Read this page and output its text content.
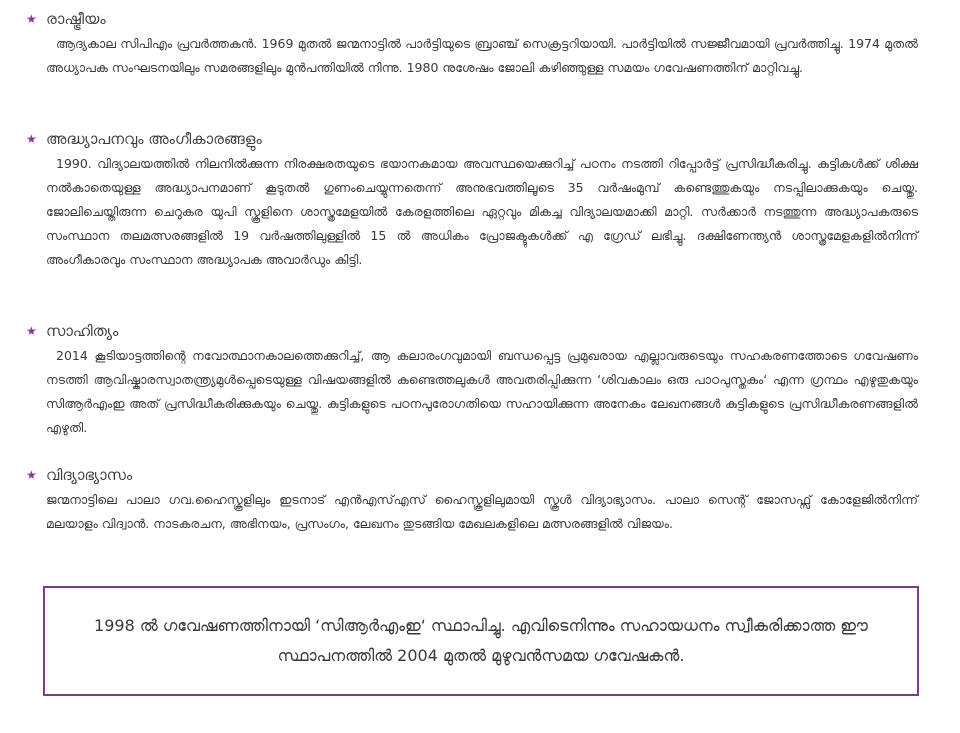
★ രാഷ്ട്രീയം

ആദ്യകാല സിപിഎം പ്രവർത്തകൻ. 1969 മുതൽ ജന്മനാട്ടിൽ പാർട്ടിയുടെ ബ്രാഞ്ച് സെക്രട്ടറിയായി. പാർട്ടിയിൽ സജ്ജീവമായി പ്രവർത്തിച്ചു. 1974 മുതൽ അധ്യാപക സംഘടനയിലും സമരങ്ങളിലും മുൻപന്തിയിൽ നിന്നു. 1980 നുശേഷം ജോലി കഴിഞ്ഞുള്ള സമയം ഗവേഷണത്തിന് മാറ്റിവച്ചു.

★ അദ്ധ്യാപനവും അംഗീകാരങ്ങളും

1990. വിദ്യാലയത്തിൽ നിലനിൽക്കുന്ന നിരക്ഷരതയുടെ ഭയാനകമായ അവസ്ഥയെക്കുറിച്ച് പഠനം നടത്തി റിപ്പോർട്ട് പ്രസിദ്ധീകരിച്ചു. കുട്ടികൾക്ക് ശിക്ഷ നൽകാതെയുള്ള അദ്ധ്യാപനമാണ് കൂടുതൽ ഗുണംചെയ്യുന്നതെന്ന് അനുഭവത്തിലൂടെ 35 വർഷംമുമ്പ് കണ്ടെത്തുകയും നടപ്പിലാക്കുകയും ചെയ്തു. ജോലിചെയ്തിരുന്ന ചെറുകര യുപി സ്കൂളിനെ ശാസ്ത്രമേളയിൽ കേരളത്തിലെ ഏറ്റവും മികച്ച വിദ്യാലയമാക്കി മാറ്റി. സർക്കാർ നടത്തുന്ന അദ്ധ്യാപകരുടെ സംസ്ഥാന തലമത്സരങ്ങളിൽ 19 വർഷത്തിലുള്ളിൽ 15 ൽ അധികം പ്രോജക്ടുകൾക്ക് എ ഗ്രേഡ് ലഭിച്ചു. ദക്ഷിണേന്ത്യൻ ശാസ്ത്രമേളകളിൽനിന്ന് അംഗീകാരവും സംസ്ഥാന അദ്ധ്യാപക അവാർഡും കിട്ടി.

★ സാഹിത്യം

2014 കൂടിയാട്ടത്തിന്റെ നവോത്ഥാനകാലത്തെക്കുറിച്ച്, ആ കലാരംഗവുമായി ബന്ധപ്പെട്ട പ്രമുഖരായ എല്ലാവരുടെയും സഹകരണത്തോടെ ഗവേഷണം നടത്തി ആവിഷ്കാരസ്വാതന്ത്ര്യമുൾപ്പെടെയുള്ള വിഷയങ്ങളിൽ കണ്ടെത്തലുകൾ അവതരിപ്പിക്കുന്ന ‘ശിവകാലം ഒരു പാഠപുസ്തകം‘ എന്ന ഗ്രന്ഥം എഴുതുകയും സിആർഎംഇ അത് പ്രസിദ്ധീകരിക്കുകയും ചെയ്തു. കുട്ടികളുടെ പഠനപുരോഗതിയെ സഹായിക്കുന്ന അനേകം ലേഖനങ്ങൾ കുട്ടികളുടെ പ്രസിദ്ധീകരണങ്ങളിൽ എഴുതി.

★ വിദ്യാഭ്യാസം

ജന്മനാട്ടിലെ പാലാ ഗവ.ഹൈസ്കൂളിലും ഇടനാട് എൻഎസ്എസ് ഹൈസ്കൂളിലുമായി സ്കൂൾ വിദ്യാഭ്യാസം. പാലാ സെന്റ് ജോസഫ്സ് കോളേജിൽനിന്ന് മലയാളം വിദ്വാൻ. നാടകരചന, അഭിനയം, പ്രസംഗം, ലേഖനം തുടങ്ങിയ മേഖലകളിലെ മത്സരങ്ങളിൽ വിജയം.

1998 ൽ ഗവേഷണത്തിനായി ‘സിആർഎംഇ‘ സ്ഥാപിച്ചു. എവിടെനിന്നും സഹായധനം സ്വീകരിക്കാത്ത ഈ സ്ഥാപനത്തിൽ 2004 മുതൽ മുഴുവൻസമയ ഗവേഷകൻ.
